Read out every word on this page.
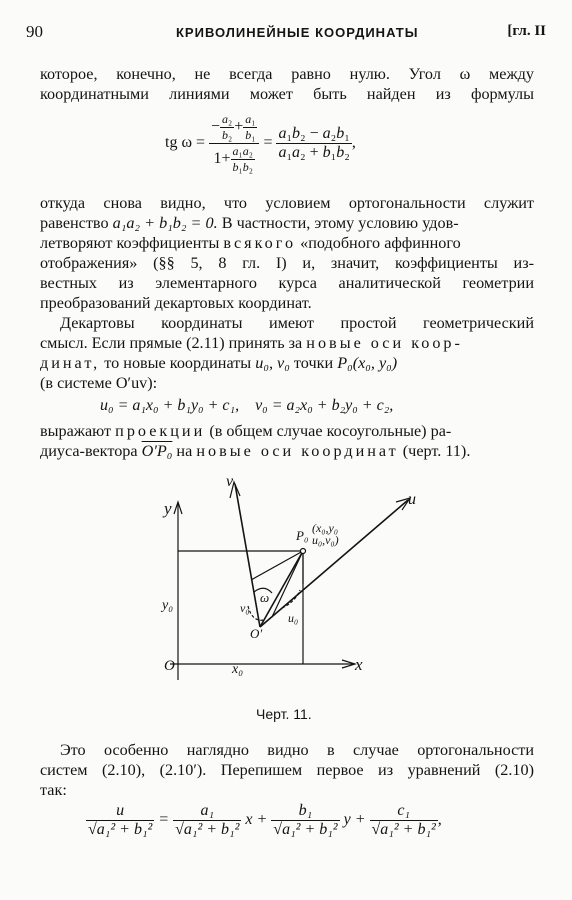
90	КРИВОЛИНЕЙНЫЕ КООРДИНАТЫ	[гл. II
которое, конечно, не всегда равно нулю. Угол ω между
координатными линиями может быть найден из формулы
tg $\omega = \frac{- \frac{\text{a₂}}{\text{b₂}} + \frac{\text{a₁}}{\text{b₁}}}{1+ \frac{\text{a₁a₂}}{\text{b₁b₂}}} = \frac{\text{a₁b₂ − a₂b₁}}{\text{a₁a₂ + b₁b₂}}$ ,
откуда снова видно, что условием ортогональности служит
равенство a₁a₂ + b₁b₂ = 0. В частности, этому условию удов-
летворяют коэффициенты всякого «подобного аффинного
отображения» (§§ 5, 8 гл. I) и, значит, коэффициенты из-
вестных из элементарного курса аналитической геометрии
преобразований декартовых координат.
Декартовы координаты имеют простой геометрический
смысл. Если прямые (2.11) принять за новые оси коор-
динат, то новые координаты u₀, v₀ точки P₀(x₀, y₀)
(в системе O′uv):
u₀ = a₁x₀ + b₁y₀ + c₁, v₀ = a₂x₀ + b₂y₀ + c₂,
выражают проекции (в общем случае косоугольные) ра-
диуса-вектора O′P₀ на новые оси координат (черт. 11).
y
x
O	x₀
y₀
u
v
P₀ (x₀,y₀
u₀,v₀)
ω
v₀
u₀
O′
Черт. 11.
Это особенно наглядно видно в случае ортогональности
систем (2.10), (2.10′). Перепишем первое из уравнений (2.10)
так:
$\frac{u}{\text{√a₁² + b₁²}} = \frac{\text{a₁}}{\text{√a₁² + b₁²}}$ $x + \frac{\text{b₁}}{\text{√a₁² + b₁²}}$ $y + \frac{\text{c₁}}{\text{√a₁² + b₁²}}$ ,
